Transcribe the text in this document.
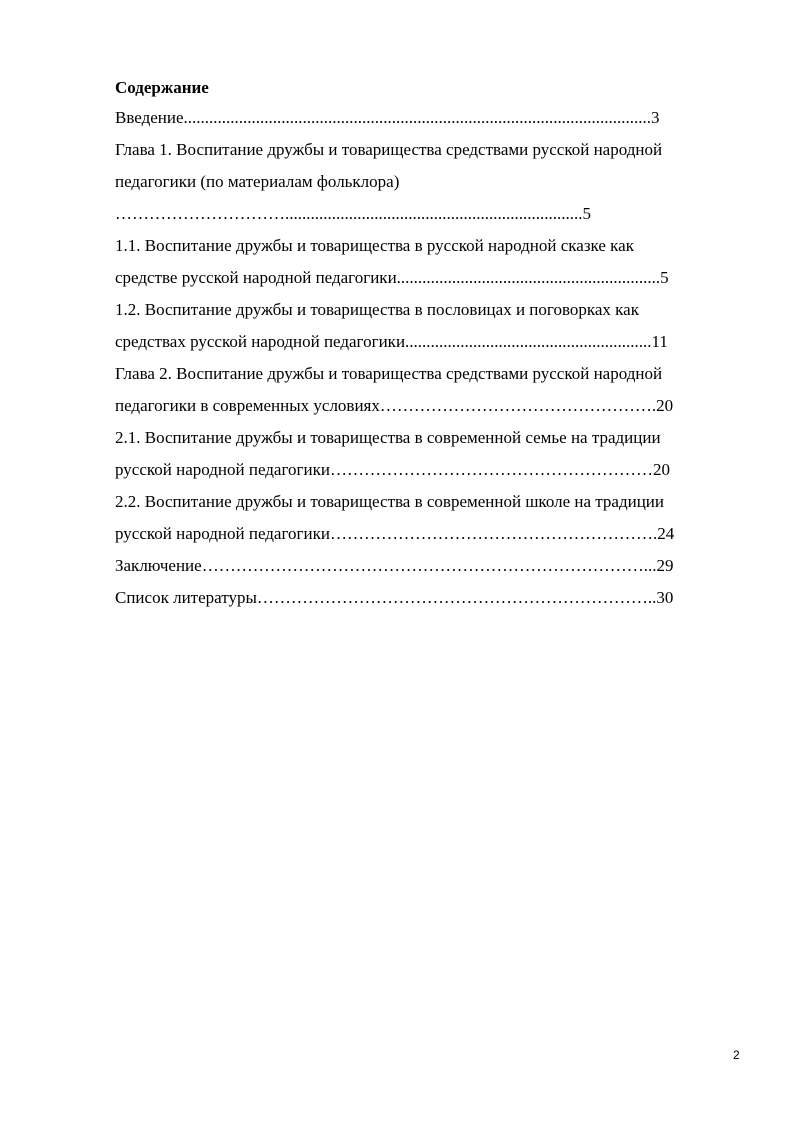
Содержание

Введение..............................................................................................................3

Глава 1. Воспитание дружбы и товарищества средствами русской народной
педагогики (по материалам фольклора)
…………………………......................................................................5

1.1. Воспитание дружбы и товарищества в русской народной сказке как
средстве русской народной педагогики..............................................................5

1.2. Воспитание дружбы и товарищества в пословицах и поговорках как
средствах русской народной педагогики..........................................................11

Глава 2. Воспитание дружбы и товарищества средствами русской народной
педагогики в современных условиях………………………………………….20

2.1. Воспитание дружбы и товарищества в современной семье на традиции
русской народной педагогики…………………………………………………20

2.2. Воспитание дружбы и товарищества в современной школе на традиции
русской народной педагогики………………………………………………….24

Заключение……………………………………………………………………...29

Список литературы……………………………………………………………..30

2
